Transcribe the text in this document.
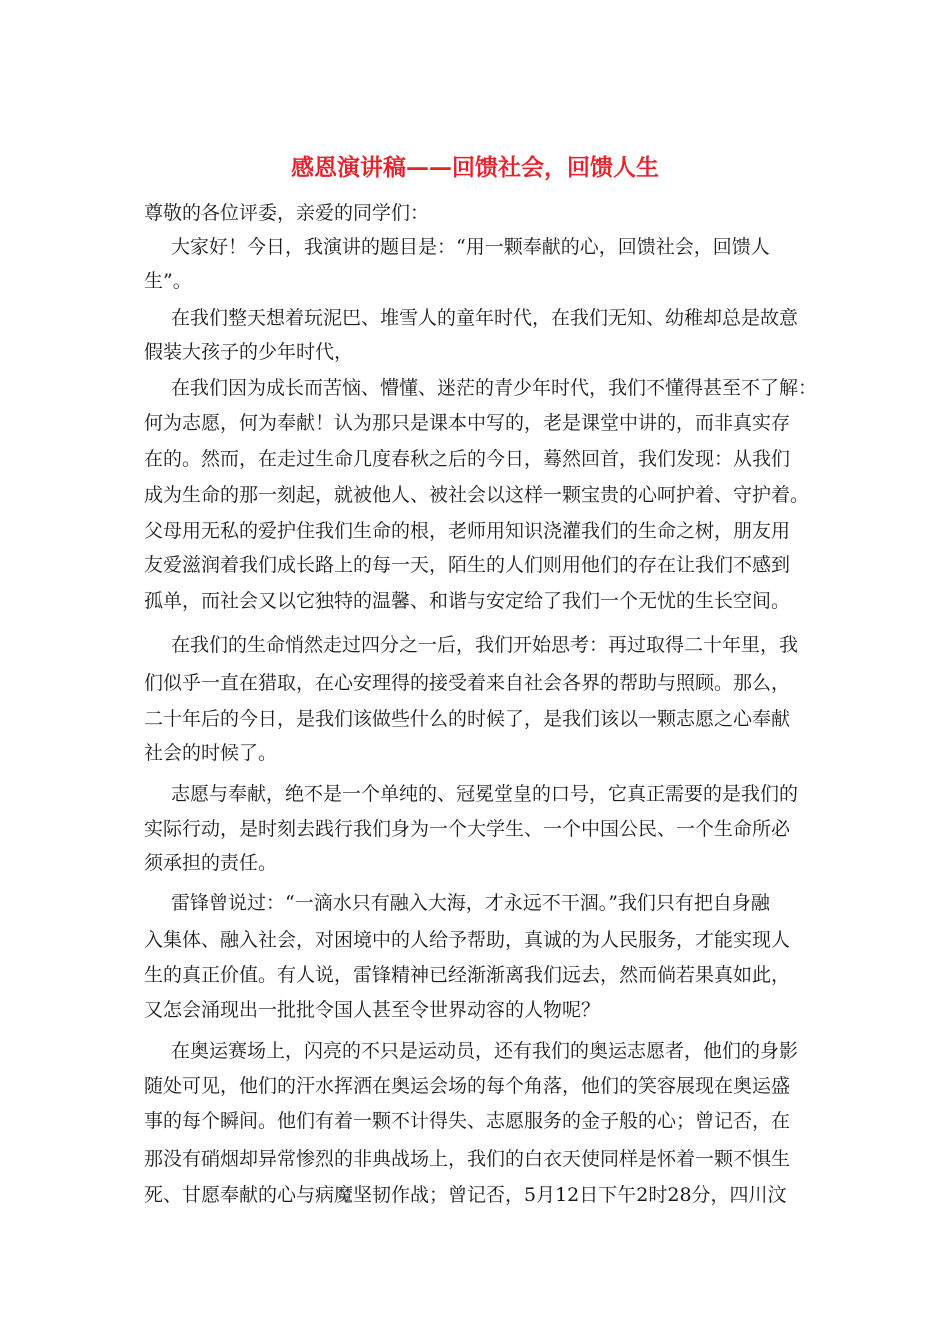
感恩演讲稿——回馈社会，回馈人生
尊敬的各位评委，亲爱的同学们：
大家好！今日，我演讲的题目是：“用一颗奉献的心，回馈社会，回馈人
生”。
在我们整天想着玩泥巴、堆雪人的童年时代，在我们无知、幼稚却总是故意
假装大孩子的少年时代，
在我们因为成长而苦恼、懵懂、迷茫的青少年时代，我们不懂得甚至不了解：
何为志愿，何为奉献！认为那只是课本中写的，老是课堂中讲的，而非真实存
在的。然而，在走过生命几度春秋之后的今日，蓦然回首，我们发现：从我们
成为生命的那一刻起，就被他人、被社会以这样一颗宝贵的心呵护着、守护着。
父母用无私的爱护住我们生命的根，老师用知识浇灌我们的生命之树，朋友用
友爱滋润着我们成长路上的每一天，陌生的人们则用他们的存在让我们不感到
孤单，而社会又以它独特的温馨、和谐与安定给了我们一个无忧的生长空间。
在我们的生命悄然走过四分之一后，我们开始思考：再过取得二十年里，我
们似乎一直在猎取，在心安理得的接受着来自社会各界的帮助与照顾。那么，
二十年后的今日，是我们该做些什么的时候了，是我们该以一颗志愿之心奉献
社会的时候了。
志愿与奉献，绝不是一个单纯的、冠冕堂皇的口号，它真正需要的是我们的
实际行动，是时刻去践行我们身为一个大学生、一个中国公民、一个生命所必
须承担的责任。
雷锋曾说过：“一滴水只有融入大海，才永远不干涸。”我们只有把自身融
入集体、融入社会，对困境中的人给予帮助，真诚的为人民服务，才能实现人
生的真正价值。有人说，雷锋精神已经渐渐离我们远去，然而倘若果真如此，
又怎会涌现出一批批令国人甚至令世界动容的人物呢？
在奥运赛场上，闪亮的不只是运动员，还有我们的奥运志愿者，他们的身影
随处可见，他们的汗水挥洒在奥运会场的每个角落，他们的笑容展现在奥运盛
事的每个瞬间。他们有着一颗不计得失、志愿服务的金子般的心；曾记否，在
那没有硝烟却异常惨烈的非典战场上，我们的白衣天使同样是怀着一颗不惧生
死、甘愿奉献的心与病魔坚韧作战；曾记否，5月12日下午2时28分，四川汶
